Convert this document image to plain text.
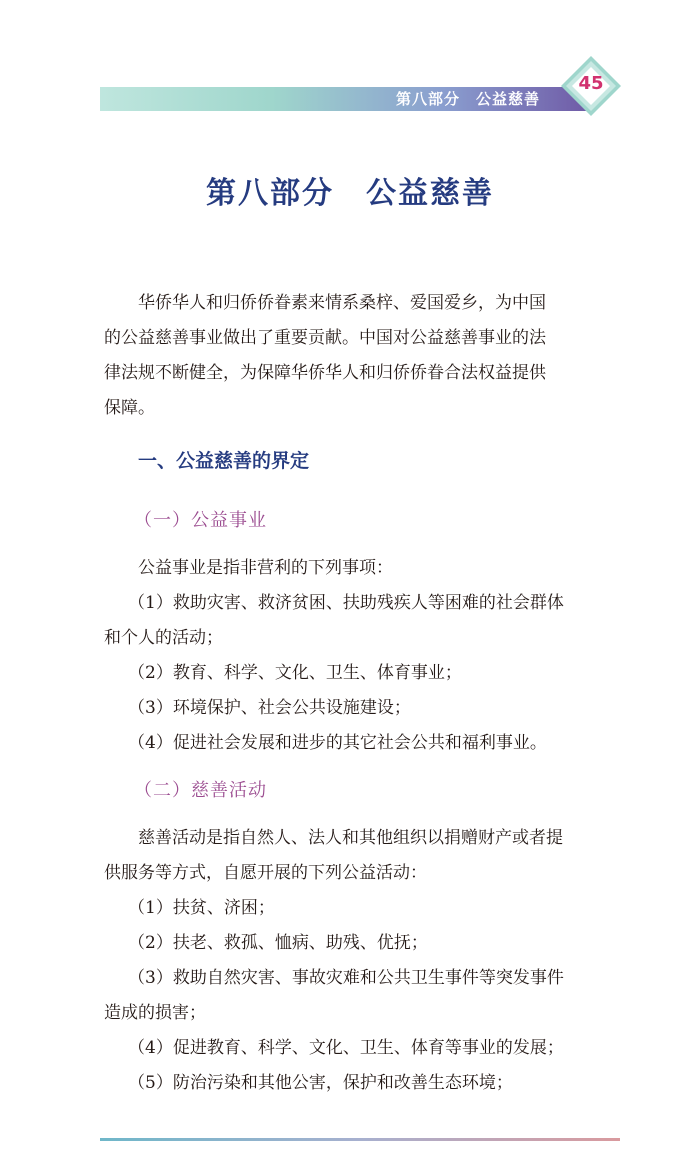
第八部分　公益慈善
45
第八部分　公益慈善

华侨华人和归侨侨眷素来情系桑梓、爱国爱乡，为中国

的公益慈善事业做出了重要贡献。中国对公益慈善事业的法

律法规不断健全，为保障华侨华人和归侨侨眷合法权益提供

保障。

一、公益慈善的界定

（一）公益事业

公益事业是指非营利的下列事项：

（1）救助灾害、救济贫困、扶助残疾人等困难的社会群体

和个人的活动；

（2）教育、科学、文化、卫生、体育事业；

（3）环境保护、社会公共设施建设；

（4）促进社会发展和进步的其它社会公共和福利事业。

（二）慈善活动

慈善活动是指自然人、法人和其他组织以捐赠财产或者提

供服务等方式，自愿开展的下列公益活动：

（1）扶贫、济困；

（2）扶老、救孤、恤病、助残、优抚；

（3）救助自然灾害、事故灾难和公共卫生事件等突发事件

造成的损害；

（4）促进教育、科学、文化、卫生、体育等事业的发展；

（5）防治污染和其他公害，保护和改善生态环境；
